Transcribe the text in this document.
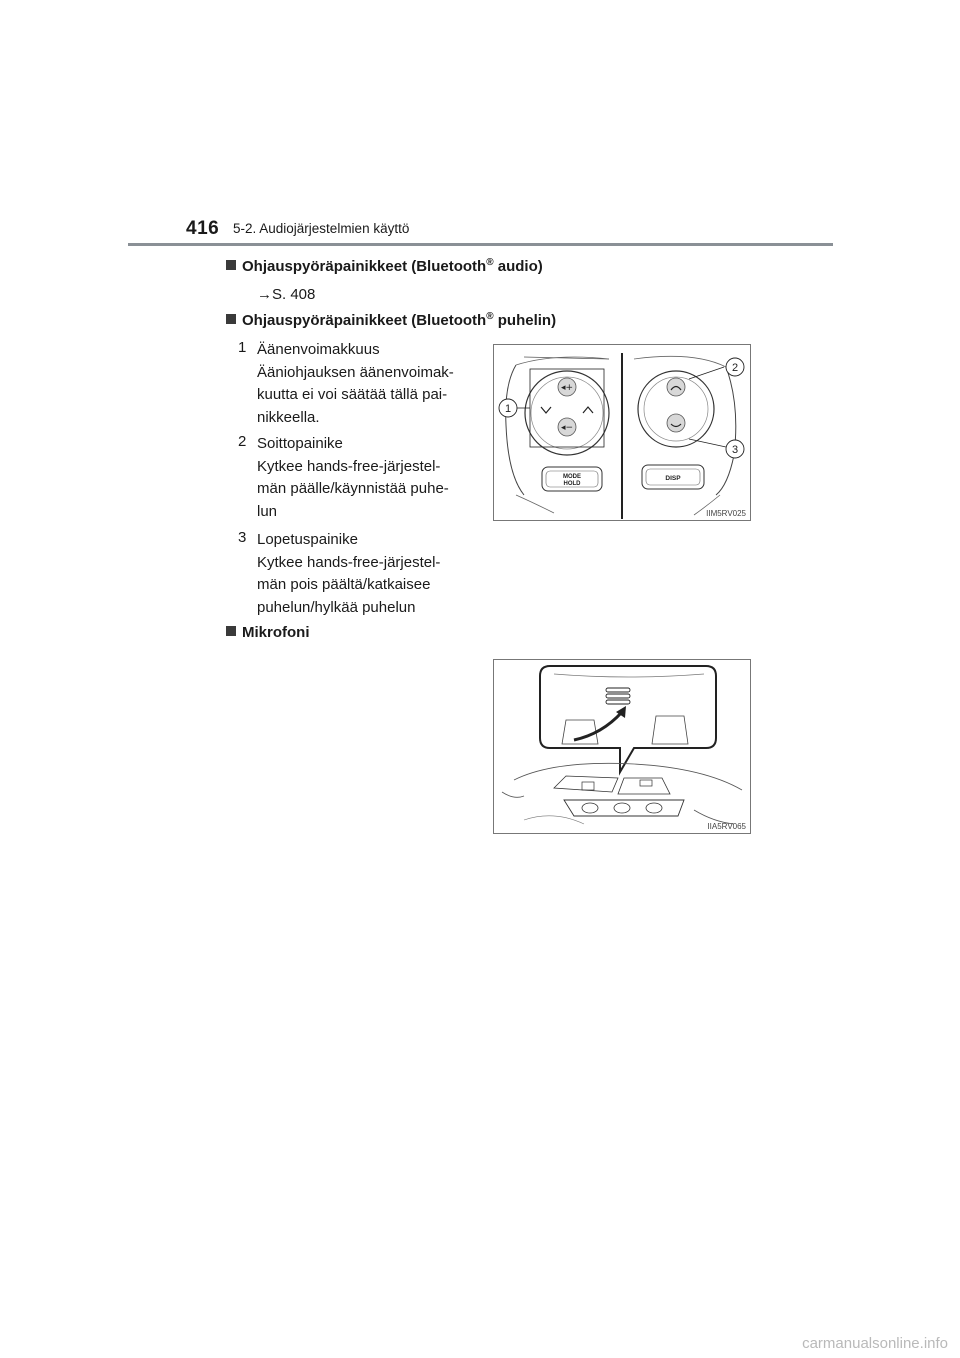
416 5-2. Audiojärjestelmien käyttö
Ohjauspyöräpainikkeet (Bluetooth® audio)
→S. 408
Ohjauspyöräpainikkeet (Bluetooth® puhelin)
1 Äänenvoimakkuus
Ääniohjauksen äänenvoimak-
kuutta ei voi säätää tällä pai-
nikkeella.
2 Soittopainike
Kytkee hands-free-järjestel-
män päälle/käynnistää puhe-
lun
3 Lopetuspainike
Kytkee hands-free-järjestel-
män pois päältä/katkaisee
puhelun/hylkää puhelun
Mikrofoni
◂+
◂−
1
2
3
MODE
HOLD
DISP
IIM5RV025
IIA5RV065
carmanualsonline.info
